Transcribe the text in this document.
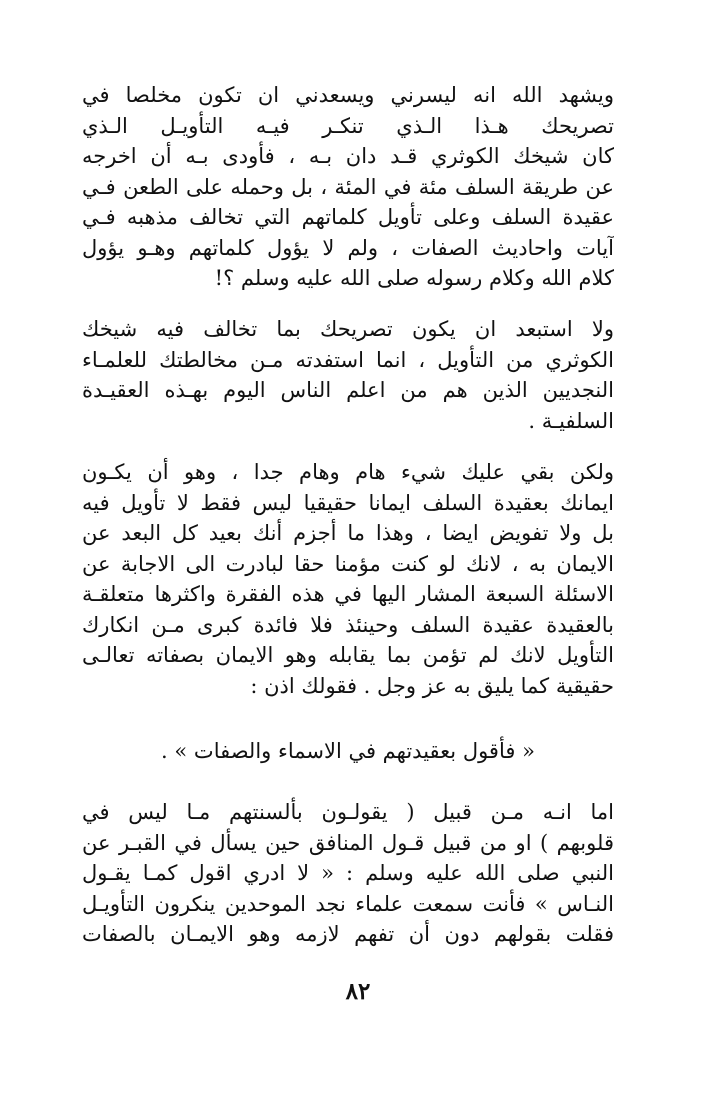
ويشهد الله انه ليسرني ويسعدني ان تكون مخلصا في
تصريحك هـذا الـذي تنكـر فيـه التأويـل الـذي
كان شيخك الكوثري قـد دان بـه ، فأودى بـه أن اخرجه
عن طريقة السلف مئة في المئة ، بل وحمله على الطعن فـي
عقيدة السلف وعلى تأويل كلماتهم التي تخالف مذهبه فـي
آيات واحاديث الصفات ، ولم لا يؤول كلماتهم وهـو يؤول
كلام الله وكلام رسوله صلى الله عليه وسلم ؟!
ولا استبعد ان يكون تصريحك بما تخالف فيه شيخك
الكوثري من التأويل ، انما استفدته مـن مخالطتك للعلمـاء
النجديين الذين هم من اعلم الناس اليوم بهـذه العقيـدة
السلفيـة .
ولكن بقي عليك شيء هام وهام جدا ، وهو أن يكـون
ايمانك بعقيدة السلف ايمانا حقيقيا ليس فقط لا تأويل فيه
بل ولا تفويض ايضا ، وهذا ما أجزم أنك بعيد كل البعد عن
الايمان به ، لانك لو كنت مؤمنا حقا لبادرت الى الاجابة عن
الاسئلة السبعة المشار اليها في هذه الفقرة واكثرها متعلقـة
بالعقيدة عقيدة السلف وحينئذ فلا فائدة كبرى مـن انكارك
التأويل لانك لم تؤمن بما يقابله وهو الايمان بصفاته تعالـى
حقيقية كما يليق به عز وجل . فقولك اذن :
« فأقول بعقيدتهم في الاسماء والصفات » .
اما انـه مـن قبيل ( يقولـون بألسنتهم مـا ليس في
قلوبهم ) او من قبيل قـول المنافق حين يسأل في القبـر عن
النبي صلى الله عليه وسلم : « لا ادري اقول كمـا يقـول
النـاس » فأنت سمعت علماء نجد الموحدين ينكرون التأويـل
فقلت بقولهم دون أن تفهم لازمه وهو الايمـان بالصفات
٨٢
